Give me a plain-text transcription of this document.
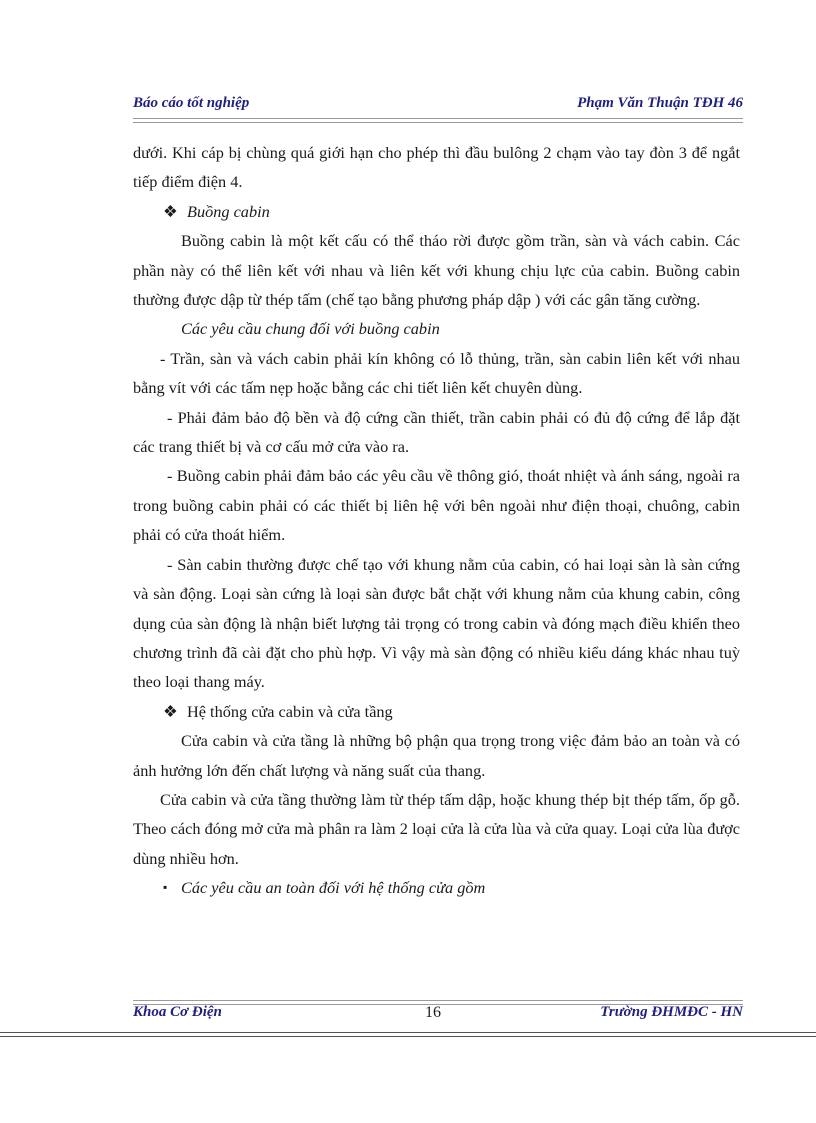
Báo cáo tốt nghiệp	Phạm Văn Thuận TĐH 46

dưới. Khi cáp bị chùng quá giới hạn cho phép thì đầu bulông 2 chạm vào tay đòn 3 để ngắt tiếp điểm điện 4.

❖ Buồng cabin

Buồng cabin là một kết cấu có thể tháo rời được gồm trần, sàn và vách cabin. Các phần này có thể liên kết với nhau và liên kết với khung chịu lực của cabin. Buồng cabin thường được dập từ thép tấm (chế tạo bằng phương pháp dập ) với các gân tăng cường.

Các yêu cầu chung đối với buồng cabin

- Trần, sàn và vách cabin phải kín không có lỗ thủng, trần, sàn cabin liên kết với nhau bằng vít với các tấm nẹp hoặc bằng các chi tiết liên kết chuyên dùng.

- Phải đảm bảo độ bền và độ cứng cần thiết, trần cabin phải có đủ độ cứng để lắp đặt các trang thiết bị và cơ cấu mở cửa vào ra.

- Buồng cabin phải đảm bảo các yêu cầu về thông gió, thoát nhiệt và ánh sáng, ngoài ra trong buồng cabin phải có các thiết bị liên hệ với bên ngoài như điện thoại, chuông, cabin phải có cửa thoát hiểm.

- Sàn cabin thường được chế tạo với khung nằm của cabin, có hai loại sàn là sàn cứng và sàn động. Loại sàn cứng là loại sàn được bắt chặt với khung nằm của khung cabin, công dụng của sàn động là nhận biết lượng tải trọng có trong cabin và đóng mạch điều khiển theo chương trình đã cài đặt cho phù hợp. Vì vậy mà sàn động có nhiều kiểu dáng khác nhau tuỳ theo loại thang máy.

❖ Hệ thống cửa cabin và cửa tầng

Cửa cabin và cửa tầng là những bộ phận qua trọng trong việc đảm bảo an toàn và có ảnh hưởng lớn đến chất lượng và năng suất của thang.

Cửa cabin và cửa tầng thường làm từ thép tấm dập, hoặc khung thép bịt thép tấm, ốp gỗ. Theo cách đóng mở cửa mà phân ra làm 2 loại cửa là cửa lùa và cửa quay. Loại cửa lùa được dùng nhiều hơn.

▪ Các yêu cầu an toàn đối với hệ thống cửa gồm

Khoa Cơ Điện	16	Trường ĐHMĐC - HN
